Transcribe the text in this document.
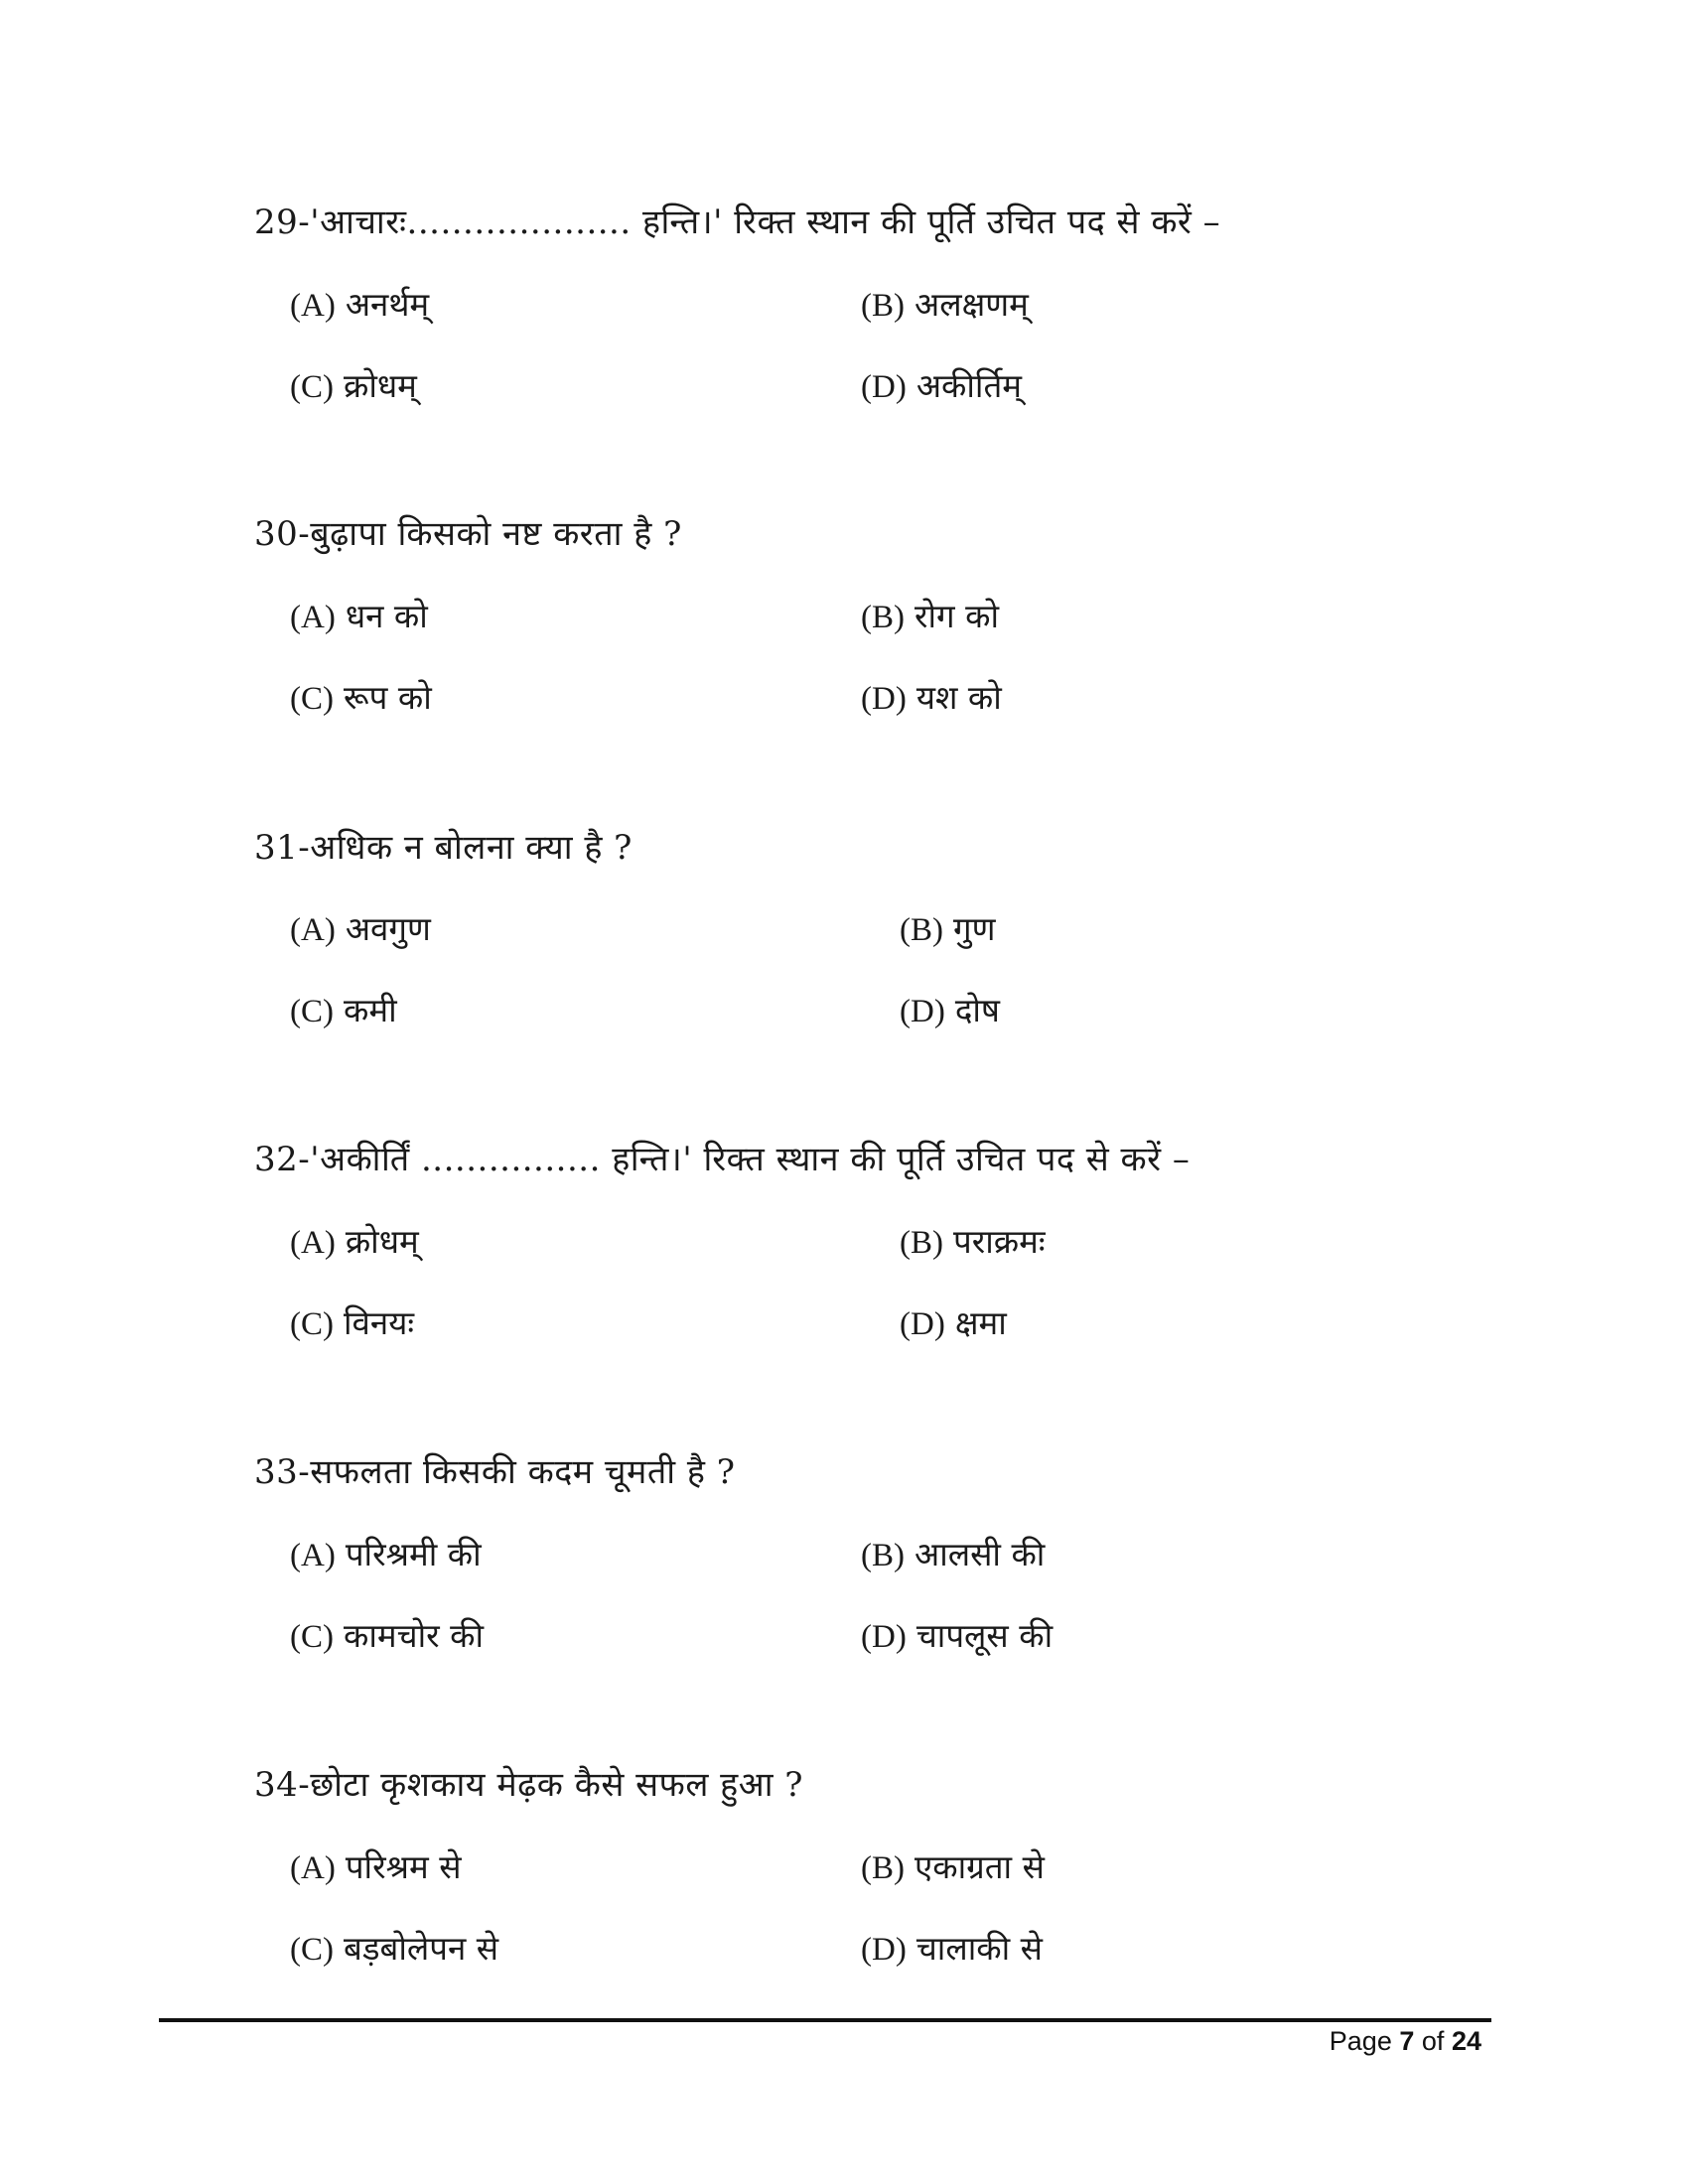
29-'आचारः.................... हन्ति।' रिक्त स्थान की पूर्ति उचित पद से करें –
(A) अनर्थम्	(B) अलक्षणम्
(C) क्रोधम्	(D) अकीर्तिम्
30-बुढ़ापा किसको नष्ट करता है ?
(A) धन को	(B) रोग को
(C) रूप को	(D) यश को
31-अधिक न बोलना क्या है ?
(A) अवगुण	(B) गुण
(C) कमी	(D) दोष
32-'अकीर्तिं ................ हन्ति।' रिक्त स्थान की पूर्ति उचित पद से करें –
(A) क्रोधम्	(B) पराक्रमः
(C) विनयः	(D) क्षमा
33-सफलता किसकी कदम चूमती है ?
(A) परिश्रमी की	(B) आलसी की
(C) कामचोर की	(D) चापलूस की
34-छोटा कृशकाय मेढ़क कैसे सफल हुआ ?
(A) परिश्रम से	(B) एकाग्रता से
(C) बड़बोलेपन से	(D) चालाकी से
Page 7 of 24
